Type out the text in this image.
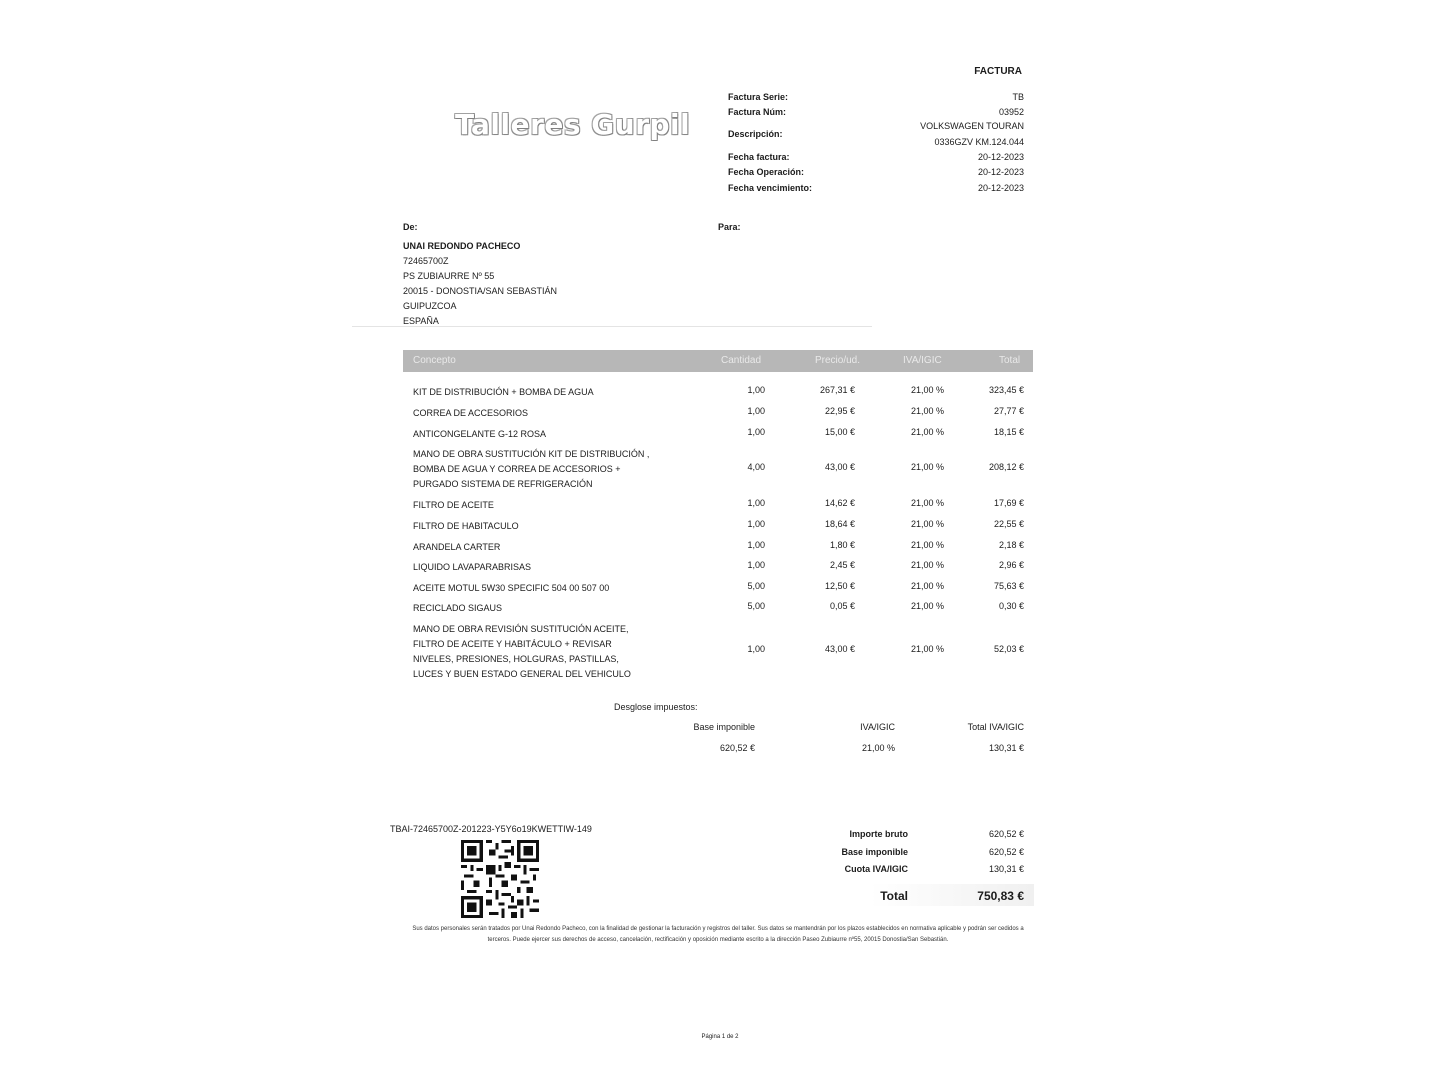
Talleres Gurpil
FACTURA
Factura Serie:	TB
Factura Núm:	03952
Descripción:
VOLKSWAGEN TOURAN
0336GZV KM.124.044
Fecha factura:	20-12-2023
Fecha Operación:	20-12-2023
Fecha vencimiento:	20-12-2023
De:	Para:
UNAI REDONDO PACHECO
72465700Z
PS ZUBIAURRE Nº 55
20015 - DONOSTIA/SAN SEBASTIÁN
GUIPUZCOA
ESPAÑA
Concepto	Cantidad	Precio/ud.	IVA/IGIC	Total
KIT DE DISTRIBUCIÓN + BOMBA DE AGUA	1,00	267,31 €	21,00 %	323,45 €
CORREA DE ACCESORIOS	1,00	22,95 €	21,00 %	27,77 €
ANTICONGELANTE G-12 ROSA	1,00	15,00 €	21,00 %	18,15 €
MANO DE OBRA SUSTITUCIÓN KIT DE DISTRIBUCIÓN ,
BOMBA DE AGUA Y CORREA DE ACCESORIOS +
PURGADO SISTEMA DE REFRIGERACIÓN
4,00	43,00 €	21,00 %	208,12 €
FILTRO DE ACEITE	1,00	14,62 €	21,00 %	17,69 €
FILTRO DE HABITACULO	1,00	18,64 €	21,00 %	22,55 €
ARANDELA CARTER	1,00	1,80 €	21,00 %	2,18 €
LIQUIDO LAVAPARABRISAS	1,00	2,45 €	21,00 %	2,96 €
ACEITE MOTUL 5W30 SPECIFIC 504 00 507 00	5,00	12,50 €	21,00 %	75,63 €
RECICLADO SIGAUS	5,00	0,05 €	21,00 %	0,30 €
MANO DE OBRA REVISIÓN SUSTITUCIÓN ACEITE,
FILTRO DE ACEITE Y HABITÁCULO + REVISAR
NIVELES, PRESIONES, HOLGURAS, PASTILLAS,
LUCES Y BUEN ESTADO GENERAL DEL VEHICULO
1,00	43,00 €	21,00 %	52,03 €
Desglose impuestos:
Base imponible	IVA/IGIC	Total IVA/IGIC
620,52 €	21,00 %	130,31 €
TBAI-72465700Z-201223-Y5Y6o19KWETTIW-149	Importe bruto	620,52 €
Base imponible	620,52 €
Cuota IVA/IGIC	130,31 €
Total	750,83 €
Sus datos personales serán tratados por Unai Redondo Pacheco, con la finalidad de gestionar la facturación y registros del taller. Sus datos se mantendrán por los plazos establecidos en normativa aplicable y podrán ser cedidos a terceros. Puede ejercer sus derechos de acceso, cancelación, rectificación y oposición mediante escrito a la dirección Paseo Zubiaurre nº55, 20015 Donostia/San Sebastián.
Página 1 de 2
